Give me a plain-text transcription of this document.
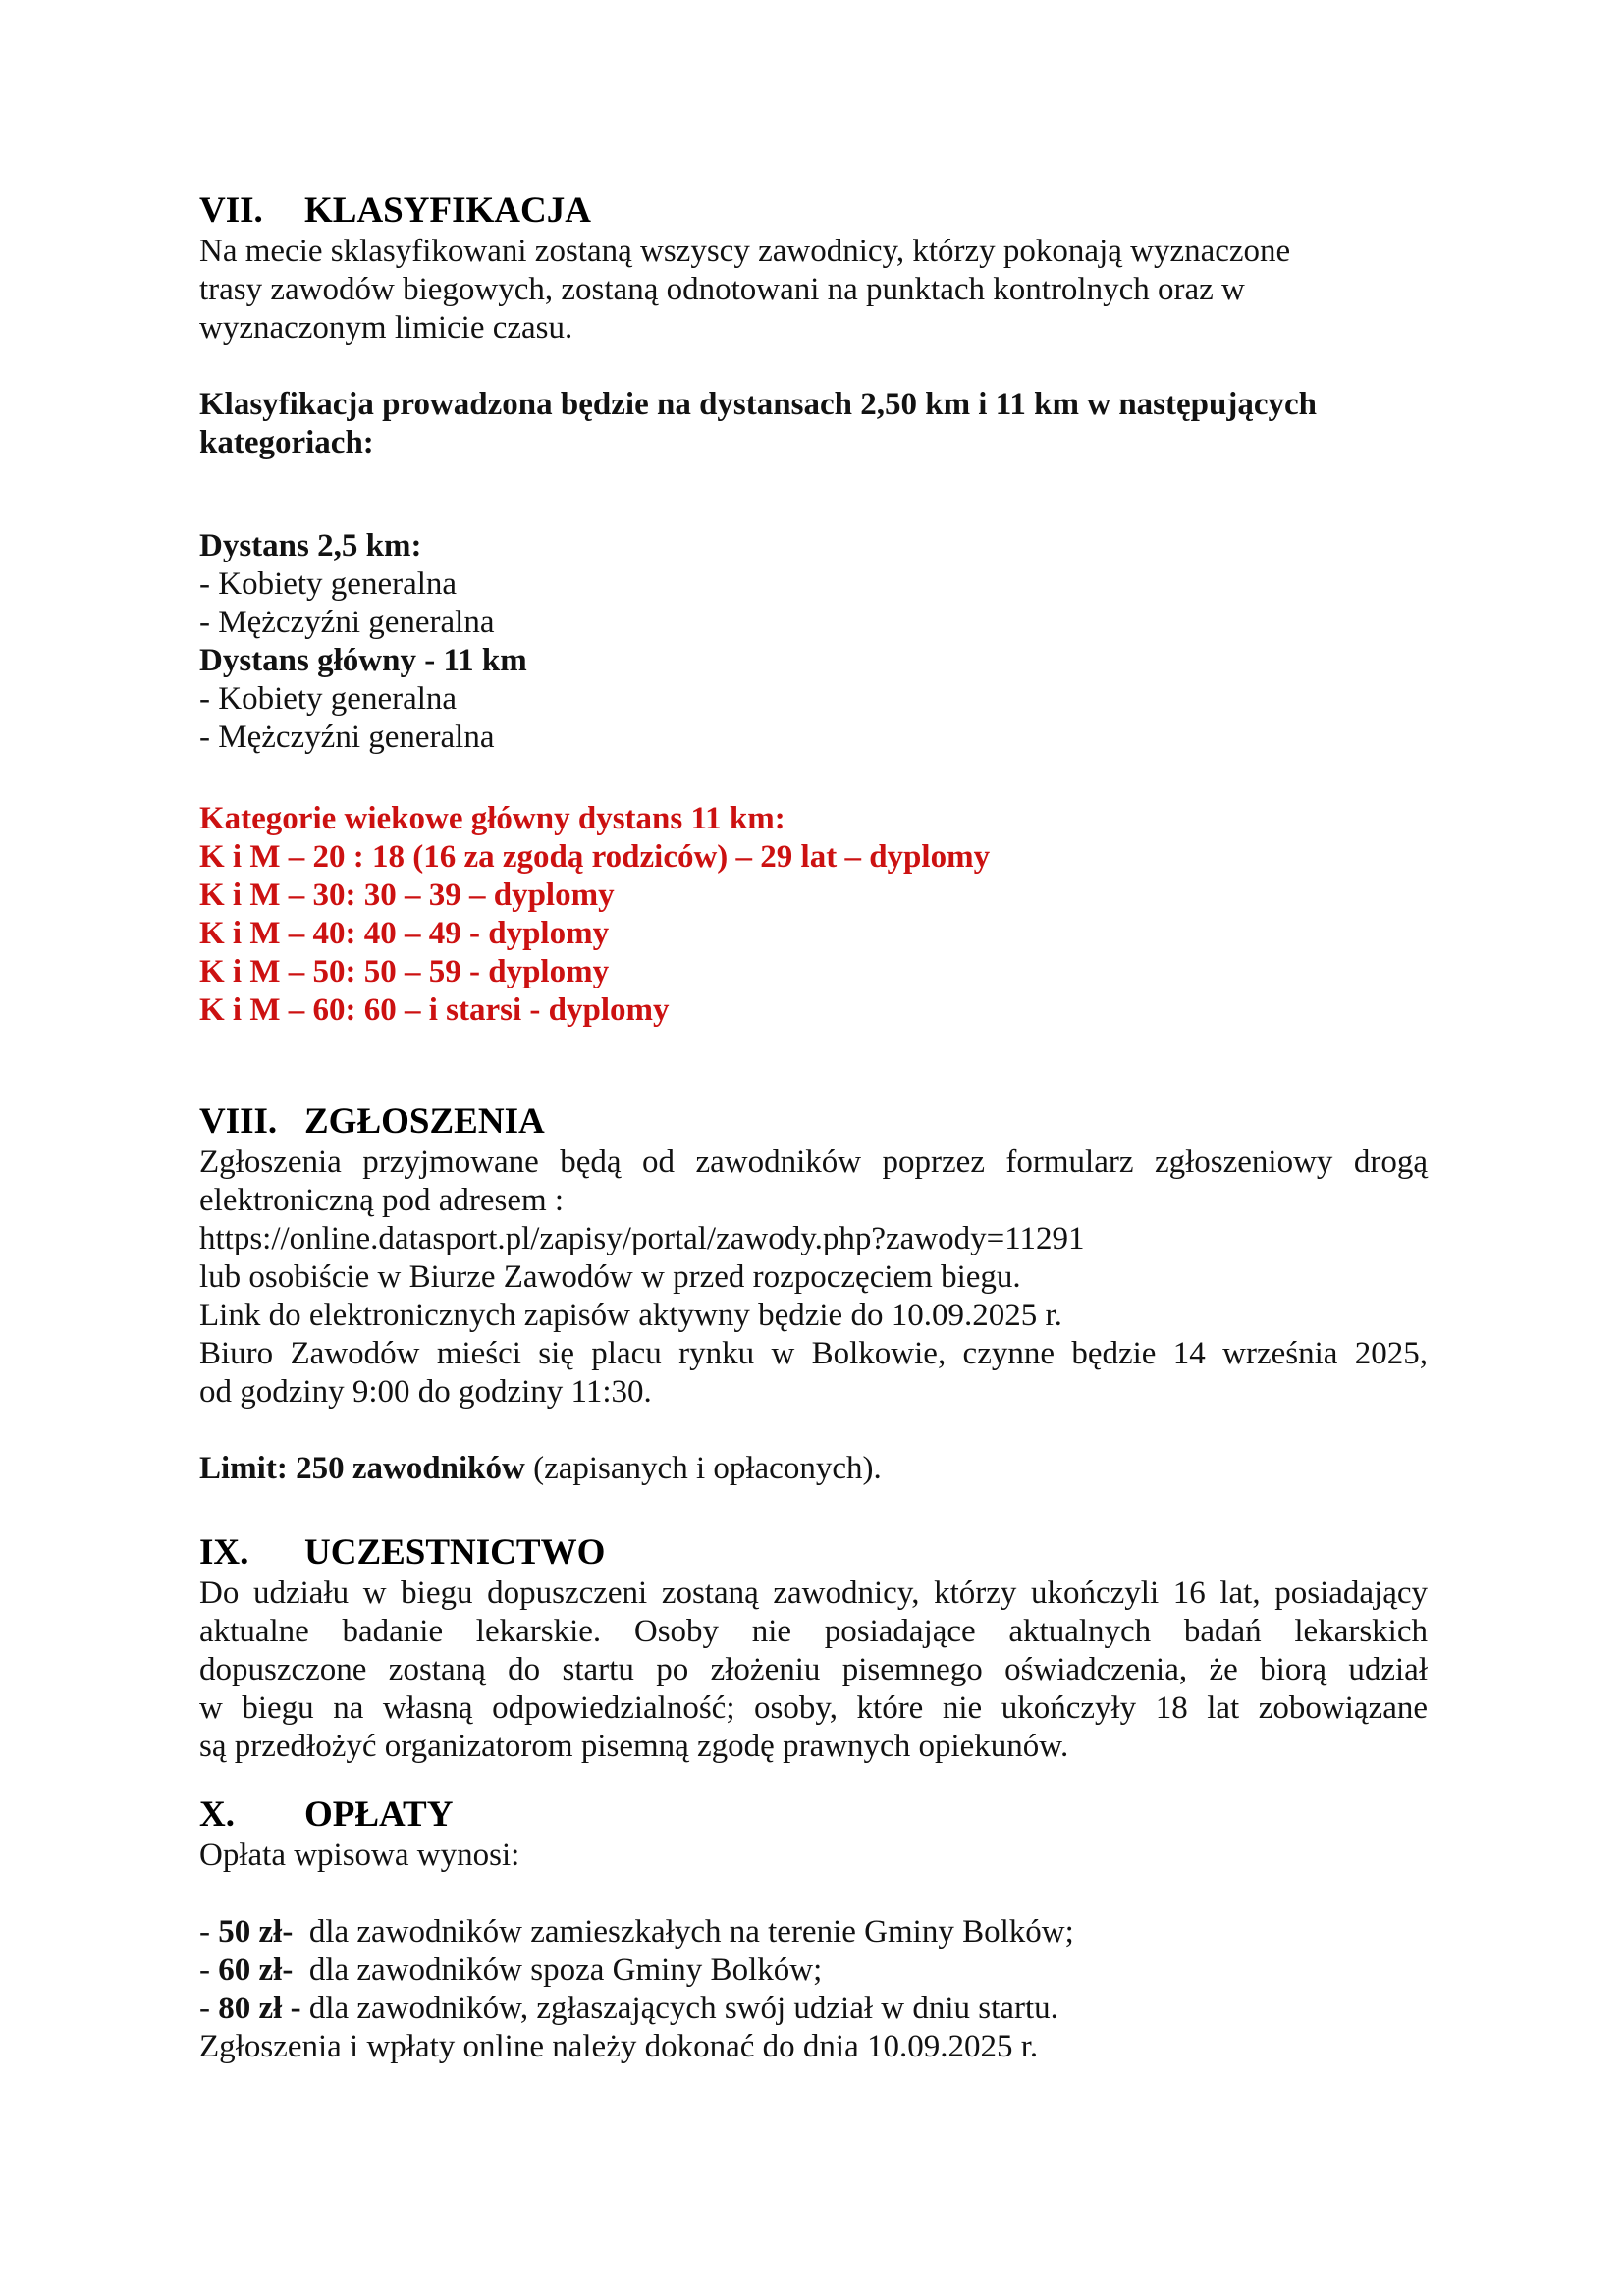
VII. KLASYFIKACJA
Na mecie sklasyfikowani zostaną wszyscy zawodnicy, którzy pokonają wyznaczone
trasy zawodów biegowych, zostaną odnotowani na punktach kontrolnych oraz w
wyznaczonym limicie czasu.
Klasyfikacja prowadzona będzie na dystansach 2,50 km i 11 km w następujących
kategoriach:
Dystans 2,5 km:
- Kobiety generalna
- Mężczyźni generalna
Dystans główny - 11 km
- Kobiety generalna
- Mężczyźni generalna
Kategorie wiekowe główny dystans 11 km:
K i M – 20 : 18 (16 za zgodą rodziców) – 29 lat – dyplomy
K i M – 30: 30 – 39 – dyplomy
K i M – 40: 40 – 49 - dyplomy
K i M – 50: 50 – 59 - dyplomy
K i M – 60: 60 – i starsi - dyplomy
VIII. ZGŁOSZENIA
Zgłoszenia przyjmowane będą od zawodników poprzez formularz zgłoszeniowy drogą
elektroniczną pod adresem :
https://online.datasport.pl/zapisy/portal/zawody.php?zawody=11291
lub osobiście w Biurze Zawodów w przed rozpoczęciem biegu.
Link do elektronicznych zapisów aktywny będzie do 10.09.2025 r.
Biuro Zawodów mieści się placu rynku w Bolkowie, czynne będzie 14 września 2025,
od godziny 9:00 do godziny 11:30.
Limit: 250 zawodników (zapisanych i opłaconych).
IX. UCZESTNICTWO
Do udziału w biegu dopuszczeni zostaną zawodnicy, którzy ukończyli 16 lat, posiadający
aktualne badanie lekarskie. Osoby nie posiadające aktualnych badań lekarskich
dopuszczone zostaną do startu po złożeniu pisemnego oświadczenia, że biorą udział
w biegu na własną odpowiedzialność; osoby, które nie ukończyły 18 lat zobowiązane
są przedłożyć organizatorom pisemną zgodę prawnych opiekunów.
X. OPŁATY
Opłata wpisowa wynosi:
- 50 zł-  dla zawodników zamieszkałych na terenie Gminy Bolków;
- 60 zł-  dla zawodników spoza Gminy Bolków;
- 80 zł - dla zawodników, zgłaszających swój udział w dniu startu.
Zgłoszenia i wpłaty online należy dokonać do dnia 10.09.2025 r.
